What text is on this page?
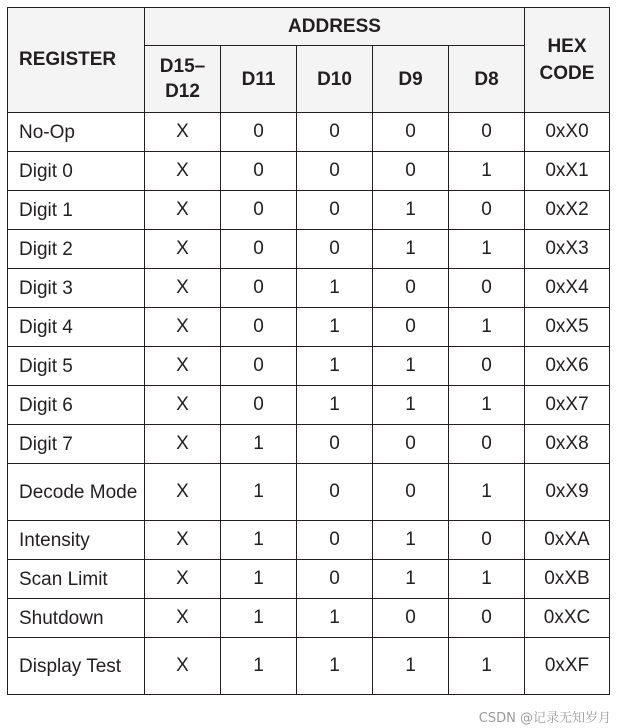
REGISTER	ADDRESS					HEX CODE
	D15–D12	D11	D10	D9	D8	
No-Op	X	0	0	0	0	0xX0
Digit 0	X	0	0	0	1	0xX1
Digit 1	X	0	0	1	0	0xX2
Digit 2	X	0	0	1	1	0xX3
Digit 3	X	0	1	0	0	0xX4
Digit 4	X	0	1	0	1	0xX5
Digit 5	X	0	1	1	0	0xX6
Digit 6	X	0	1	1	1	0xX7
Digit 7	X	1	0	0	0	0xX8
Decode Mode	X	1	0	0	1	0xX9
Intensity	X	1	0	1	0	0xXA
Scan Limit	X	1	0	1	1	0xXB
Shutdown	X	1	1	0	0	0xXC
Display Test	X	1	1	1	1	0xXF
CSDN @记录无知岁月
